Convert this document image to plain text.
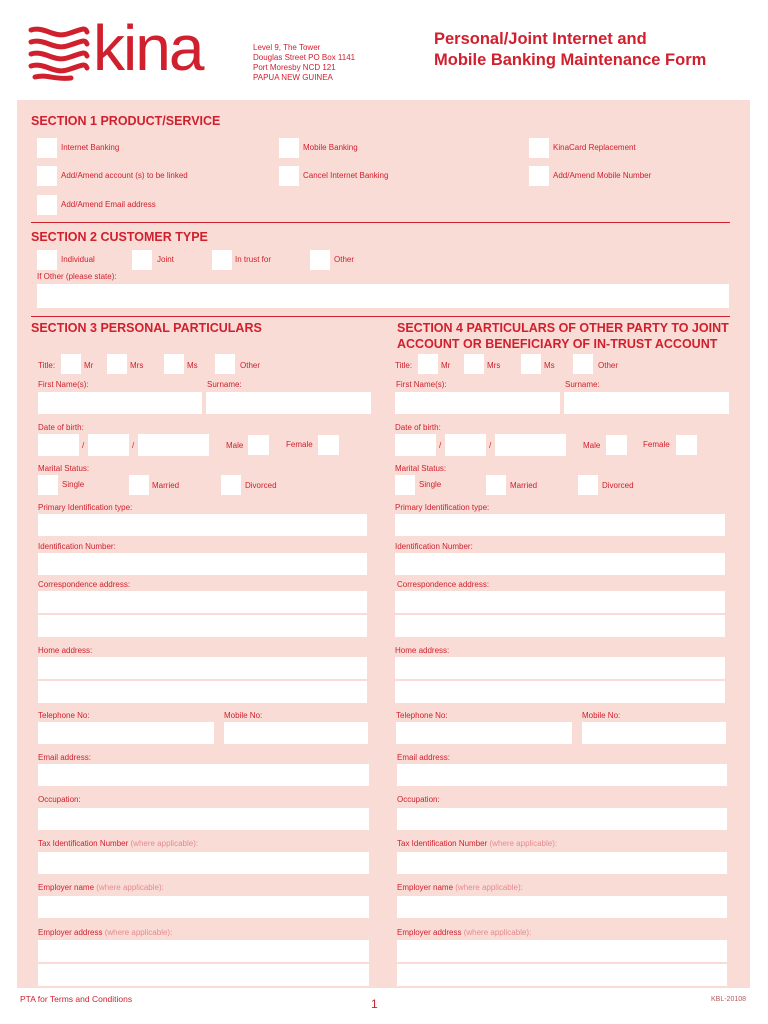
kina	Level 9, The Tower
Douglas Street PO Box 1141
Port Moresby NCD 121
PAPUA NEW GUINEA
Personal/Joint Internet and
Mobile Banking Maintenance Form
SECTION 1 PRODUCT/SERVICE
Internet Banking	Mobile Banking	KinaCard Replacement
Add/Amend account (s) to be linked	Cancel Internet Banking	Add/Amend Mobile Number
Add/Amend Email address
SECTION 2 CUSTOMER TYPE
Individual	Joint	In trust for	Other
If Other (please state):
SECTION 3 PERSONAL PARTICULARS
Title:	Mr	Mrs	Ms	Other
First Name(s):	Surname:
Date of birth:
/	/	Male	Female
Marital Status:
Single	Married	Divorced
Primary Identification type:
Identification Number:
Correspondence address:
Home address:
Telephone No:	Mobile No:
Email address:
Occupation:
Tax Identification Number (where applicable):
Employer name (where applicable):
Employer address (where applicable):
SECTION 4 PARTICULARS OF OTHER PARTY TO JOINT
ACCOUNT OR BENEFICIARY OF IN-TRUST ACCOUNT
Title:	Mr	Mrs	Ms	Other
First Name(s):	Surname:
Date of birth:
/	/	Male	Female
Marital Status:
Single	Married	Divorced
Primary Identification type:
Identification Number:
Correspondence address:
Home address:
Telephone No:	Mobile No:
Email address:
Occupation:
Tax Identification Number (where applicable):
Employer name (where applicable):
Employer address (where applicable):
PTA for Terms and Conditions	1	KBL-20108
